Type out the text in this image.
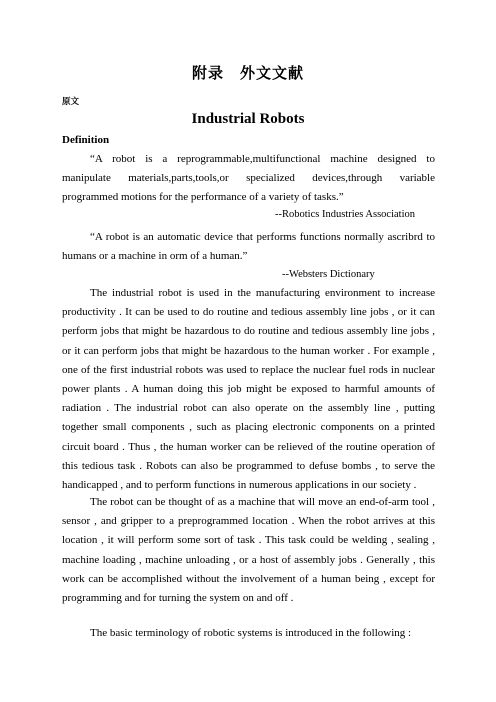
附录　外文文献
原文
Industrial Robots
Definition

“A robot is a reprogrammable,multifunctional machine designed to manipulate materials,parts,tools,or specialized devices,through variable programmed motions for the performance of a variety of tasks.”

--Robotics Industries Association

“A robot is an automatic device that performs functions normally ascribrd to humans or a machine in orm of a human.”

--Websters Dictionary

The industrial robot is used in the manufacturing environment to increase productivity . It can be used to do routine and tedious assembly line jobs , or it can perform jobs that might be hazardous to do routine and tedious assembly line jobs , or it can perform jobs that might be hazardous to the human worker . For example , one of the first industrial robots was used to replace the nuclear fuel rods in nuclear power plants . A human doing this job might be exposed to harmful amounts of radiation . The industrial robot can also operate on the assembly line , putting together small components , such as placing electronic components on a printed circuit board . Thus , the human worker can be relieved of the routine operation of this tedious task . Robots can also be programmed to defuse bombs , to serve the handicapped , and to perform functions in numerous applications in our society .

The robot can be thought of as a machine that will move an end-of-arm tool , sensor , and gripper to a preprogrammed location . When the robot arrives at this location , it will perform some sort of task . This task could be welding , sealing , machine loading , machine unloading , or a host of assembly jobs . Generally , this work can be accomplished without the involvement of a human being , except for programming and for turning the system on and off .

The basic terminology of robotic systems is introduced in the following :
